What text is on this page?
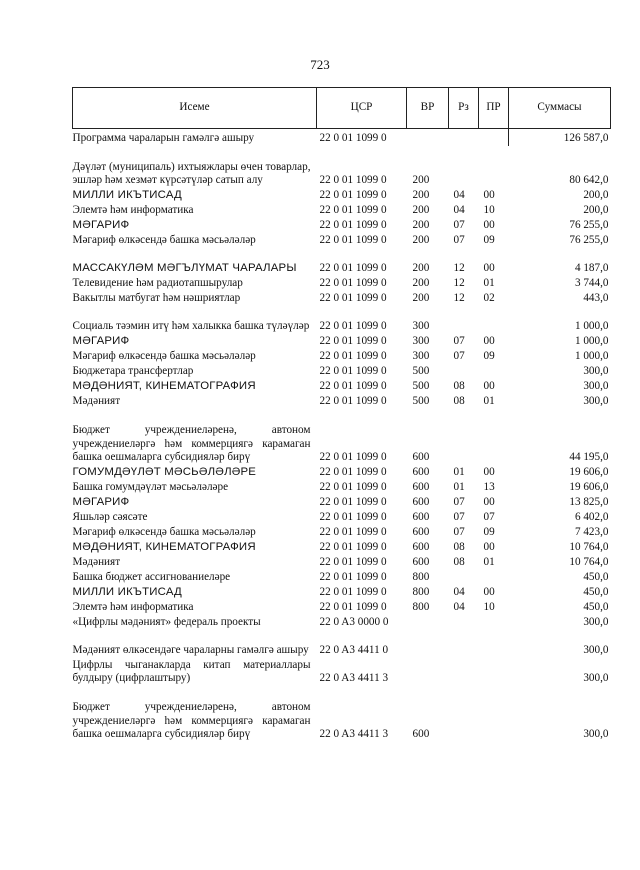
723
Исеме	ЦСР	ВР	Рз	ПР	Суммасы
Программа чараларын гамәлгә ашыру	22 0 01 1099 0				126 587,0
Дәүләт (муниципаль) ихтыяжлары өчен товарлар, эшләр һәм хезмәт күрсәтүләр сатып алу	22 0 01 1099 0	200			80 642,0
МИЛЛИ ИКЪТИСАД	22 0 01 1099 0	200	04	00	200,0
Элемтә һәм информатика	22 0 01 1099 0	200	04	10	200,0
МӘГАРИФ	22 0 01 1099 0	200	07	00	76 255,0
Мәгариф өлкәсендә башка мәсьәләләр	22 0 01 1099 0	200	07	09	76 255,0
МАССАКҮЛӘМ МӘГЪЛҮМАТ ЧАРАЛАРЫ	22 0 01 1099 0	200	12	00	4 187,0
Телевидение һәм радиотапшырулар	22 0 01 1099 0	200	12	01	3 744,0
Вакытлы матбугат һәм нәшриятлар	22 0 01 1099 0	200	12	02	443,0
Социаль тәэмин итү һәм халыкка башка түләүләр	22 0 01 1099 0	300			1 000,0
МӘГАРИФ	22 0 01 1099 0	300	07	00	1 000,0
Мәгариф өлкәсендә башка мәсьәләләр	22 0 01 1099 0	300	07	09	1 000,0
Бюджетара трансфертлар	22 0 01 1099 0	500			300,0
МӘДӘНИЯТ, КИНЕМАТОГРАФИЯ	22 0 01 1099 0	500	08	00	300,0
Мәдәният	22 0 01 1099 0	500	08	01	300,0
Бюджет учреждениеләренә, автоном учреждениеләргә һәм коммерциягә карамаган башка оешмаларга субсидияләр бирү	22 0 01 1099 0	600			44 195,0
ГОМУМДӘҮЛӘТ МӘСЬӘЛӘЛӘРЕ	22 0 01 1099 0	600	01	00	19 606,0
Башка гомумдәүләт мәсьәләләре	22 0 01 1099 0	600	01	13	19 606,0
МӘГАРИФ	22 0 01 1099 0	600	07	00	13 825,0
Яшьләр сәясәте	22 0 01 1099 0	600	07	07	6 402,0
Мәгариф өлкәсендә башка мәсьәләләр	22 0 01 1099 0	600	07	09	7 423,0
МӘДӘНИЯТ, КИНЕМАТОГРАФИЯ	22 0 01 1099 0	600	08	00	10 764,0
Мәдәният	22 0 01 1099 0	600	08	01	10 764,0
Башка бюджет ассигнованиеләре	22 0 01 1099 0	800			450,0
МИЛЛИ ИКЪТИСАД	22 0 01 1099 0	800	04	00	450,0
Элемтә һәм информатика	22 0 01 1099 0	800	04	10	450,0
«Цифрлы мәдәният» федераль проекты	22 0 A3 0000 0				300,0
Мәдәният өлкәсендәге чараларны гамәлгә ашыру	22 0 A3 4411 0				300,0
Цифрлы чыганакларда китап материаллары булдыру (цифрлаштыру)	22 0 A3 4411 3				300,0
Бюджет учреждениеләренә, автоном учреждениеләргә һәм коммерциягә карамаган башка оешмаларга субсидияләр бирү	22 0 A3 4411 3	600			300,0
